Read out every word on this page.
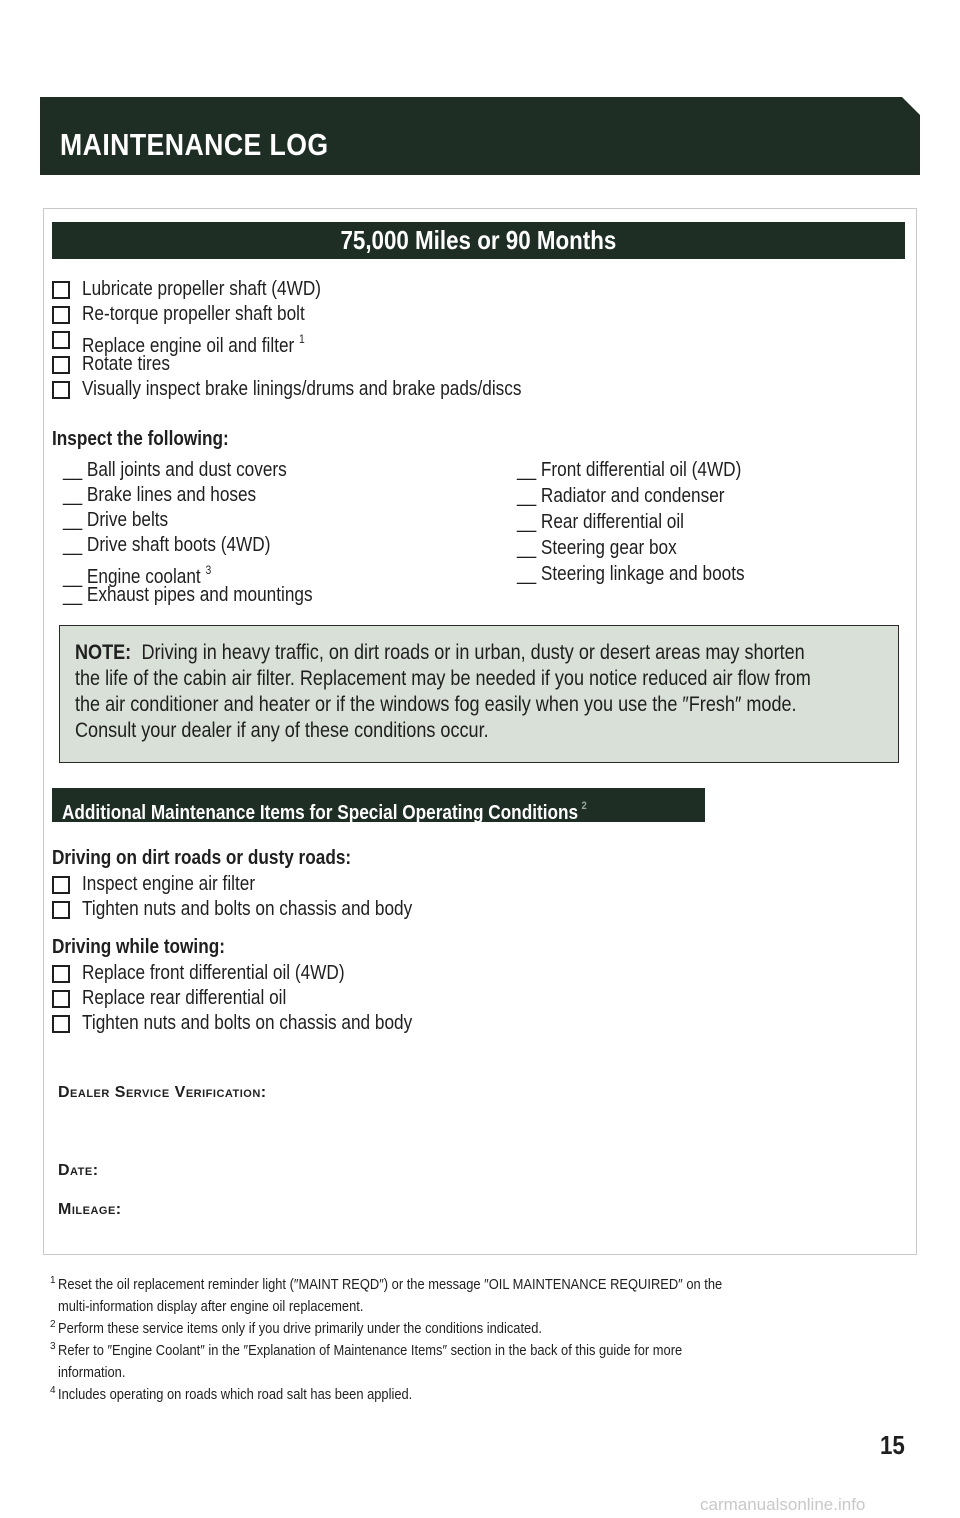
MAINTENANCE LOG
75,000 Miles or 90 Months
Lubricate propeller shaft (4WD)
Re-torque propeller shaft bolt
Replace engine oil and filter $^1$
Rotate tires
Visually inspect brake linings/drums and brake pads/discs
Inspect the following:
__ Ball joints and dust covers
__ Brake lines and hoses
__ Drive belts
__ Drive shaft boots (4WD)
__ Engine coolant $^3$
__ Exhaust pipes and mountings
__ Front differential oil (4WD)
__ Radiator and condenser
__ Rear differential oil
__ Steering gear box
__ Steering linkage and boots
NOTE: Driving in heavy traffic, on dirt roads or in urban, dusty or desert areas may shorten
the life of the cabin air filter. Replacement may be needed if you notice reduced air flow from
the air conditioner and heater or if the windows fog easily when you use the ″Fresh″ mode.
Consult your dealer if any of these conditions occur.
Additional Maintenance Items for Special Operating Conditions $^2$
Driving on dirt roads or dusty roads:
Inspect engine air filter
Tighten nuts and bolts on chassis and body
Driving while towing:
Replace front differential oil (4WD)
Replace rear differential oil
Tighten nuts and bolts on chassis and body
Dealer Service Verification:
Date:
Mileage:
1 Reset the oil replacement reminder light (″MAINT REQD″) or the message ″OIL MAINTENANCE REQUIRED″ on the
multi-information display after engine oil replacement.
2 Perform these service items only if you drive primarily under the conditions indicated.
3 Refer to ″Engine Coolant″ in the ″Explanation of Maintenance Items″ section in the back of this guide for more
information.
4 Includes operating on roads which road salt has been applied.
15
carmanualsonline.info
